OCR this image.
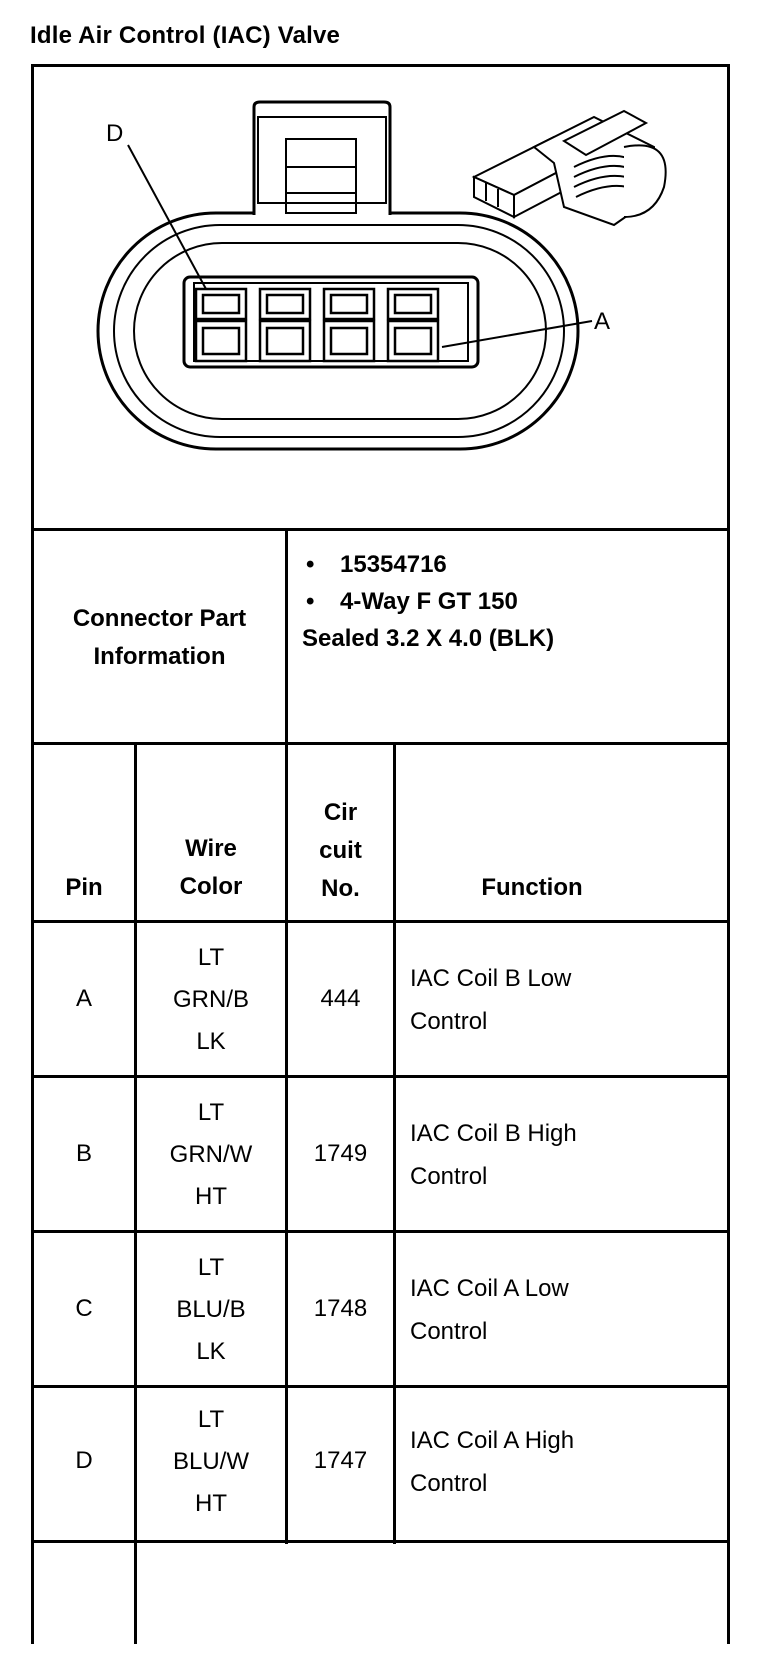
Idle Air Control (IAC) Valve
D
A
Connector Part
Information
• 15354716
• 4-Way F GT 150
Sealed 3.2 X 4.0 (BLK)
Pin
Wire
Color
Cir
cuit
No.	Function
A
LT
GRN/B
LK
444
IAC Coil B Low
Control
B
LT
GRN/W
HT
1749
IAC Coil B High
Control
C
LT
BLU/B
LK
1748
IAC Coil A Low
Control
D
LT
BLU/W
HT
1747
IAC Coil A High
Control
